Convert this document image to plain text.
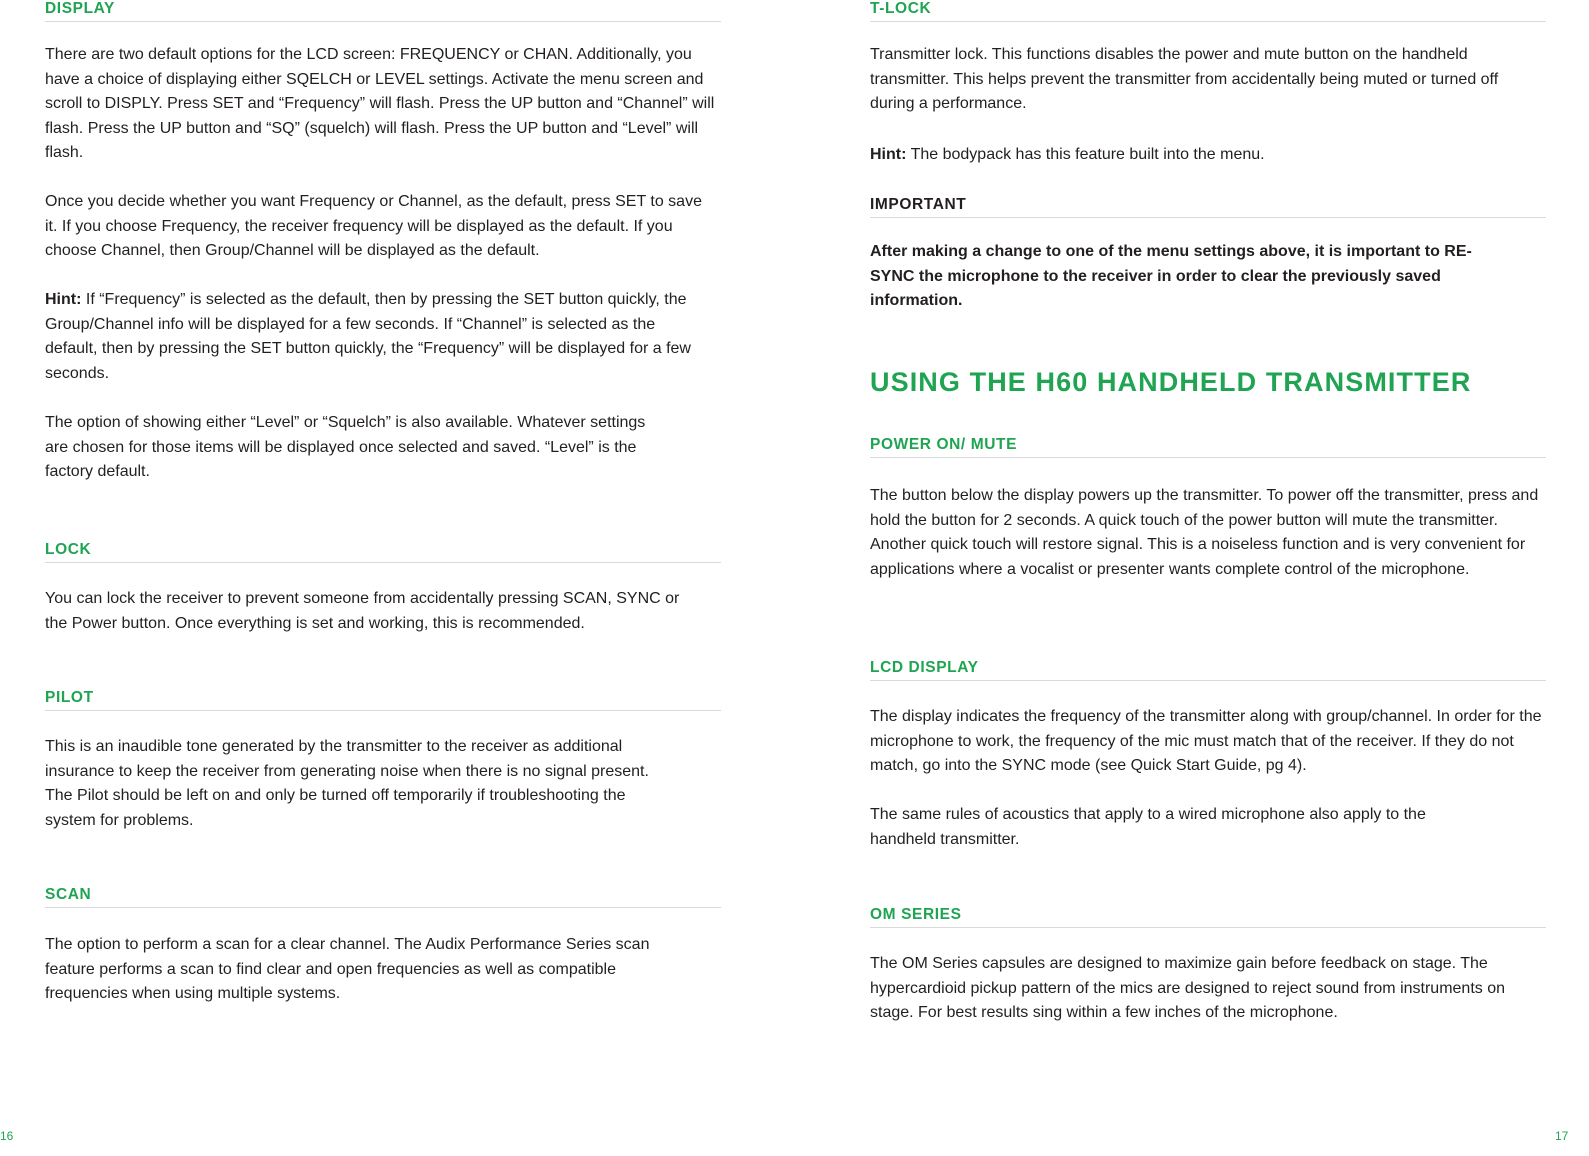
DISPLAY

There are two default options for the LCD screen: FREQUENCY or CHAN. Additionally, you have a choice of displaying either SQELCH or LEVEL settings. Activate the menu screen and scroll to DISPLY. Press SET and “Frequency” will flash. Press the UP button and “Channel” will flash. Press the UP button and “SQ” (squelch) will flash. Press the UP button and “Level” will flash.

Once you decide whether you want Frequency or Channel, as the default, press SET to save it. If you choose Frequency, the receiver frequency will be displayed as the default. If you choose Channel, then Group/Channel will be displayed as the default.

Hint: If “Frequency” is selected as the default, then by pressing the SET button quickly, the Group/Channel info will be displayed for a few seconds. If “Channel” is selected as the default, then by pressing the SET button quickly, the “Frequency” will be displayed for a few seconds.

The option of showing either “Level” or “Squelch” is also available. Whatever settings are chosen for those items will be displayed once selected and saved. “Level” is the factory default.

LOCK

You can lock the receiver to prevent someone from accidentally pressing SCAN, SYNC or the Power button. Once everything is set and working, this is recommended.

PILOT

This is an inaudible tone generated by the transmitter to the receiver as additional insurance to keep the receiver from generating noise when there is no signal present. The Pilot should be left on and only be turned off temporarily if troubleshooting the system for problems.

SCAN

The option to perform a scan for a clear channel. The Audix Performance Series scan feature performs a scan to find clear and open frequencies as well as compatible frequencies when using multiple systems.

T-LOCK

Transmitter lock. This functions disables the power and mute button on the handheld transmitter. This helps prevent the transmitter from accidentally being muted or turned off during a performance.

Hint: The bodypack has this feature built into the menu.

IMPORTANT

After making a change to one of the menu settings above, it is important to RE-SYNC the microphone to the receiver in order to clear the previously saved information.

USING THE H60 HANDHELD TRANSMITTER
POWER ON/ MUTE

The button below the display powers up the transmitter. To power off the transmitter, press and hold the button for 2 seconds. A quick touch of the power button will mute the transmitter. Another quick touch will restore signal. This is a noiseless function and is very convenient for applications where a vocalist or presenter wants complete control of the microphone.

LCD DISPLAY

The display indicates the frequency of the transmitter along with group/channel. In order for the microphone to work, the frequency of the mic must match that of the receiver. If they do not match, go into the SYNC mode (see Quick Start Guide, pg 4).

The same rules of acoustics that apply to a wired microphone also apply to the handheld transmitter.

OM SERIES

The OM Series capsules are designed to maximize gain before feedback on stage. The hypercardioid pickup pattern of the mics are designed to reject sound from instruments on stage. For best results sing within a few inches of the microphone.

16	17
